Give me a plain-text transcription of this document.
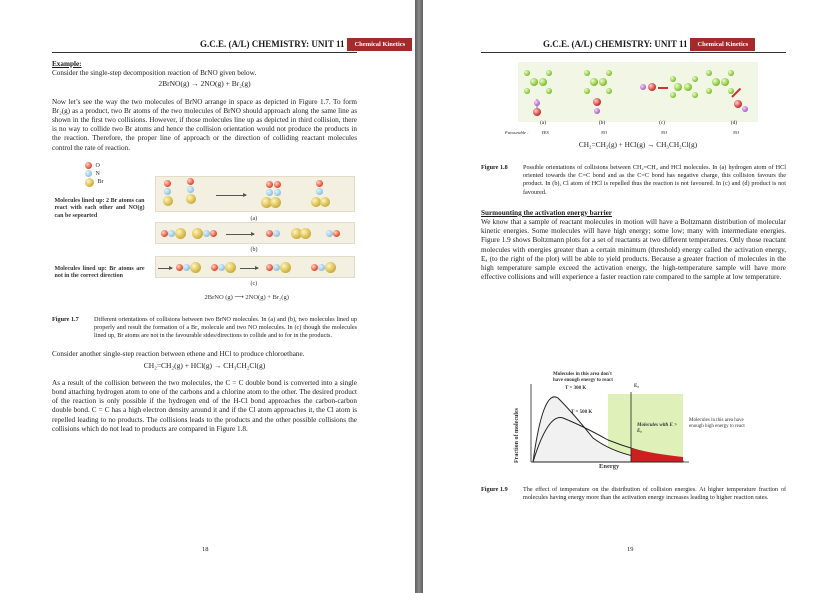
G.C.E. (A/L) CHEMISTRY: UNIT 11	Chemical Kinetics
Example:
Consider the single-step decomposition reaction of BrNO given below.
2BrNO(g) → 2NO(g) + Br₂(g)
Now let’s see the way the two molecules of BrNO arrange in space as depicted in Figure 1.7. To form Br₂(g) as a product, two Br atoms of the two molecules of BrNO should approach along the same line as shown in the first two collisions. However, if those molecules line up as depicted in third collision, there is no way to collide two Br atoms and hence the collision orientation would not produce the products in the reaction. Therefore, the proper line of approach or the direction of colliding reactant molecules control the rate of reaction.
O
N
Br
Molecules lined up: 2 Br atoms can react with each other and NO(g) can be sepearted
Molecules lined up: Br atoms are not in the correct direction
(a)
(b)
(c)
2BrNO (g) ⟶ 2NO(g) + Br₂(g)
Figure 1.7	Different orientations of collisions between two BrNO molecules. In (a) and (b), two molecules lined up properly and result the formation of a Br₂ molecule and two NO molecules. In (c) though the molecules lined up, Br atoms are not in the favourable sides/directions to collide and to for in the products.
Consider another single-step reaction between ethene and HCl to produce chloroethane.
CH₂=CH₂(g) + HCl(g) → CH₃CH₂Cl(g)
As a result of the collision between the two molecules, the C = C double bond is converted into a single bond attaching hydrogen atom to one of the carbons and a chlorine atom to the other. The desired product of the reaction is only possible if the hydrogen end of the H-Cl bond approaches the carbon-carbon double bond. C = C has a high electron density around it and if the Cl atom approaches it, the Cl atom is repelled leading to no products. The collisions leads to the products and the other possible collisions the collisions which do not lead to products are compared in Figure 1.8.
18
G.C.E. (A/L) CHEMISTRY: UNIT 11	Chemical Kinetics
(a)	(b)	(c)	(d)
Favourable :	YES	NO	NO	NO
CH₂=CH₂(g) + HCl(g) → CH₃CH₂Cl(g)
Figure 1.8	Possible orientations of collisions between CH₂=CH₂ and HCl molecules. In (a) hydrogen atom of HCl oriented towards the C=C bond and as the C=C bond has negative charge, this collision favours the product. In (b), Cl atom of HCl is repelled thus the reaction is not favoured. In (c) and (d) product is not favoured.
Surmounting the activation energy barrier
We know that a sample of reactant molecules in motion will have a Boltzmann distribution of molecular kinetic energies. Some molecules will have high energy; some low; many with intermediate energies. Figure 1.9 shows Boltzmann plots for a set of reactants at two different temperatures. Only those reactant molecules with energies greater than a certain minimum (threshold) energy called the activation energy, Eₐ (to the right of the plot) will be able to yield products. Because a greater fraction of molecules in the high temperature sample exceed the activation energy, the high-temperature sample will have more effective collisions and will experience a faster reaction rate compared to the sample at low temperature.
Molecules in this area don't have enough energy to react
T = 300 K
T = 500 K
Eₐ
Molecules with E > Eₐ
Molecules in this area have enough high energy to react
Fraction of molecules
Energy
Figure 1.9	The effect of temperature on the distribution of collision energies. At higher temperature fraction of molecules having energy more than the activation energy increases leading to higher reaction rates.
19
